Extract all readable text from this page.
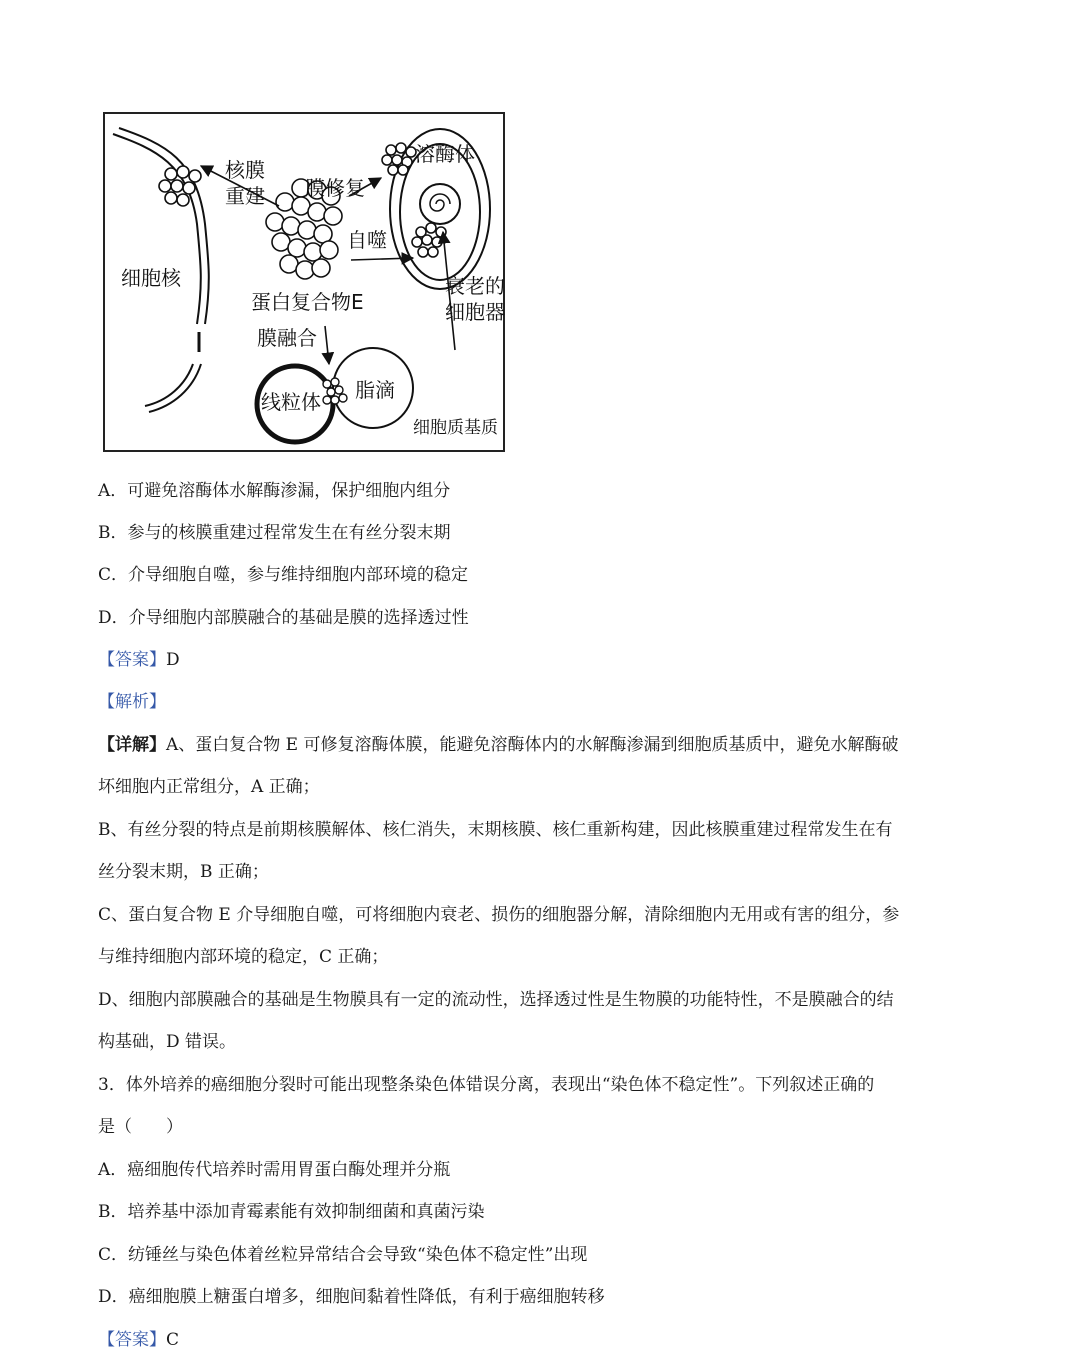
核膜
重建 膜修复
溶酶体
自噬
细胞核
蛋白复合物E
衰老的
细胞器
膜融合
线粒体 脂滴
细胞质基质
A．可避免溶酶体水解酶渗漏，保护细胞内组分
B．参与的核膜重建过程常发生在有丝分裂末期
C．介导细胞自噬，参与维持细胞内部环境的稳定
D．介导细胞内部膜融合的基础是膜的选择透过性
【答案】D
【解析】
【详解】A、蛋白复合物 E 可修复溶酶体膜，能避免溶酶体内的水解酶渗漏到细胞质基质中，避免水解酶破
坏细胞内正常组分，A 正确；
B、有丝分裂的特点是前期核膜解体、核仁消失，末期核膜、核仁重新构建，因此核膜重建过程常发生在有
丝分裂末期，B 正确；
C、蛋白复合物 E 介导细胞自噬，可将细胞内衰老、损伤的细胞器分解，清除细胞内无用或有害的组分，参
与维持细胞内部环境的稳定，C 正确；
D、细胞内部膜融合的基础是生物膜具有一定的流动性，选择透过性是生物膜的功能特性，不是膜融合的结
构基础，D 错误。
3．体外培养的癌细胞分裂时可能出现整条染色体错误分离，表现出“染色体不稳定性”。下列叙述正确的
是（　　）
A．癌细胞传代培养时需用胃蛋白酶处理并分瓶
B．培养基中添加青霉素能有效抑制细菌和真菌污染
C．纺锤丝与染色体着丝粒异常结合会导致“染色体不稳定性”出现
D．癌细胞膜上糖蛋白增多，细胞间黏着性降低，有利于癌细胞转移
【答案】C
